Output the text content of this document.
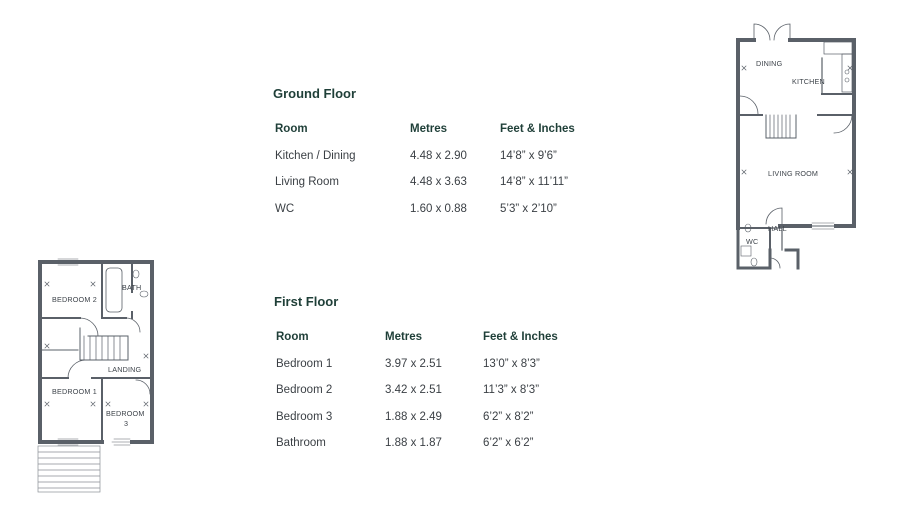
Ground Floor
Room	Metres	Feet & Inches
Kitchen / Dining	4.48 x 2.90	14’8” x 9’6”
Living Room	4.48 x 3.63	14’8” x 11’11”
WC	1.60 x 0.88	5’3” x 2’10”
First Floor
Room	Metres	Feet & Inches
Bedroom 1	3.97 x 2.51	13’0” x 8’3”
Bedroom 2	3.42 x 2.51	11’3” x 8’3”
Bedroom 3	1.88 x 2.49	6’2” x 8’2”
Bathroom	1.88 x 1.87	6’2” x 6’2”
DINING
KITCHEN
LIVING ROOM
HALL
WC
BEDROOM 2
BATH
LANDING
BEDROOM 1
BEDROOM
3
